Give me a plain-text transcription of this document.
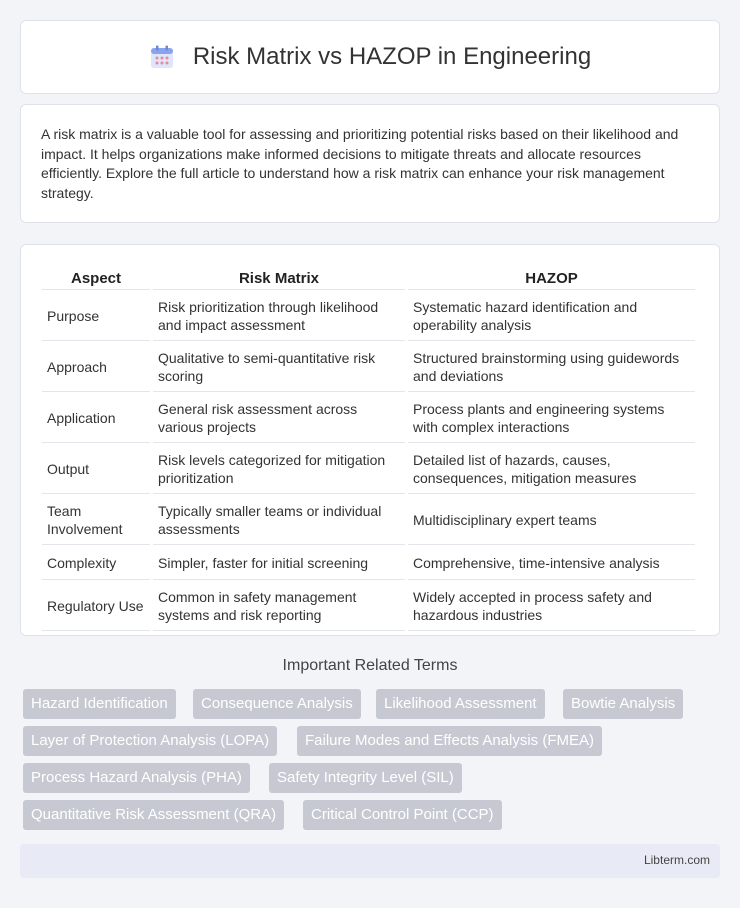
Risk Matrix vs HAZOP in Engineering

A risk matrix is a valuable tool for assessing and prioritizing potential risks based on their likelihood and impact. It helps organizations make informed decisions to mitigate threats and allocate resources efficiently. Explore the full article to understand how a risk matrix can enhance your risk management strategy.

Aspect	Risk Matrix	HAZOP
Purpose	Risk prioritization through likelihood and impact assessment	Systematic hazard identification and operability analysis
Approach	Qualitative to semi-quantitative risk scoring	Structured brainstorming using guidewords and deviations
Application	General risk assessment across various projects	Process plants and engineering systems with complex interactions
Output	Risk levels categorized for mitigation prioritization	Detailed list of hazards, causes, consequences, mitigation measures
Team Involvement	Typically smaller teams or individual assessments	Multidisciplinary expert teams
Complexity	Simpler, faster for initial screening	Comprehensive, time-intensive analysis
Regulatory Use	Common in safety management systems and risk reporting	Widely accepted in process safety and hazardous industries
Important Related Terms
Hazard Identification	Consequence Analysis	Likelihood Assessment	Bowtie Analysis
Layer of Protection Analysis (LOPA)	Failure Modes and Effects Analysis (FMEA)
Process Hazard Analysis (PHA)	Safety Integrity Level (SIL)
Quantitative Risk Assessment (QRA)	Critical Control Point (CCP)
Libterm.com
